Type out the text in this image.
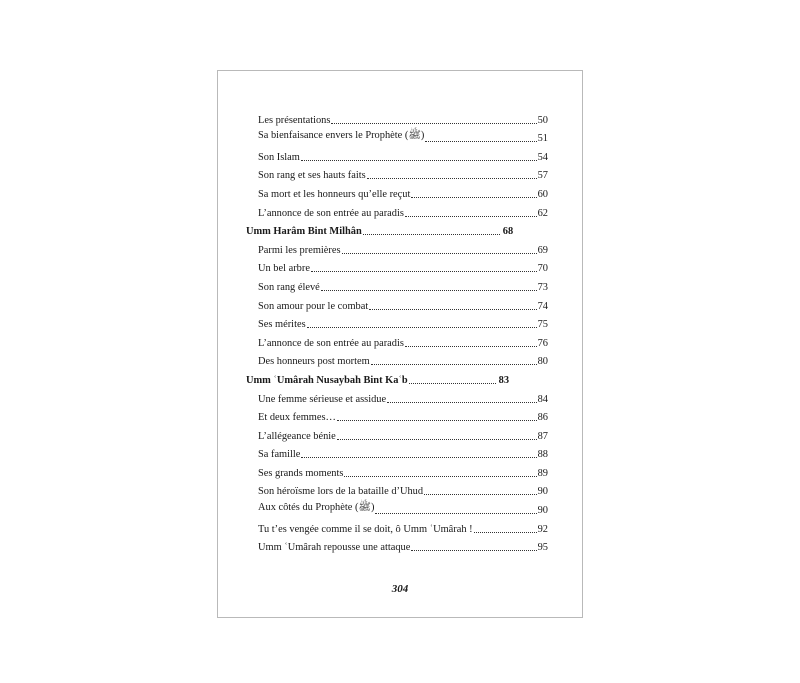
Les présentations	50
Sa bienfaisance envers le Prophète (ﷺ)	51
Son Islam	54
Son rang et ses hauts faits	57
Sa mort et les honneurs qu’elle reçut	60
L’annonce de son entrée au paradis	62
Umm Harâm Bint Milhân	68
Parmi les premières	69
Un bel arbre	70
Son rang élevé	73
Son amour pour le combat	74
Ses mérites	75
L’annonce de son entrée au paradis	76
Des honneurs post mortem	80
Umm ʿUmârah Nusaybah Bint Kaʿb	83
Une femme sérieuse et assidue	84
Et deux femmes…	86
L’allégeance bénie	87
Sa famille	88
Ses grands moments	89
Son héroïsme lors de la bataille d’Uhud	90
Aux côtés du Prophète (ﷺ)	90
Tu t’es vengée comme il se doit, ô Umm ʿUmârah !	92
Umm ʿUmârah repousse une attaque	95
304
